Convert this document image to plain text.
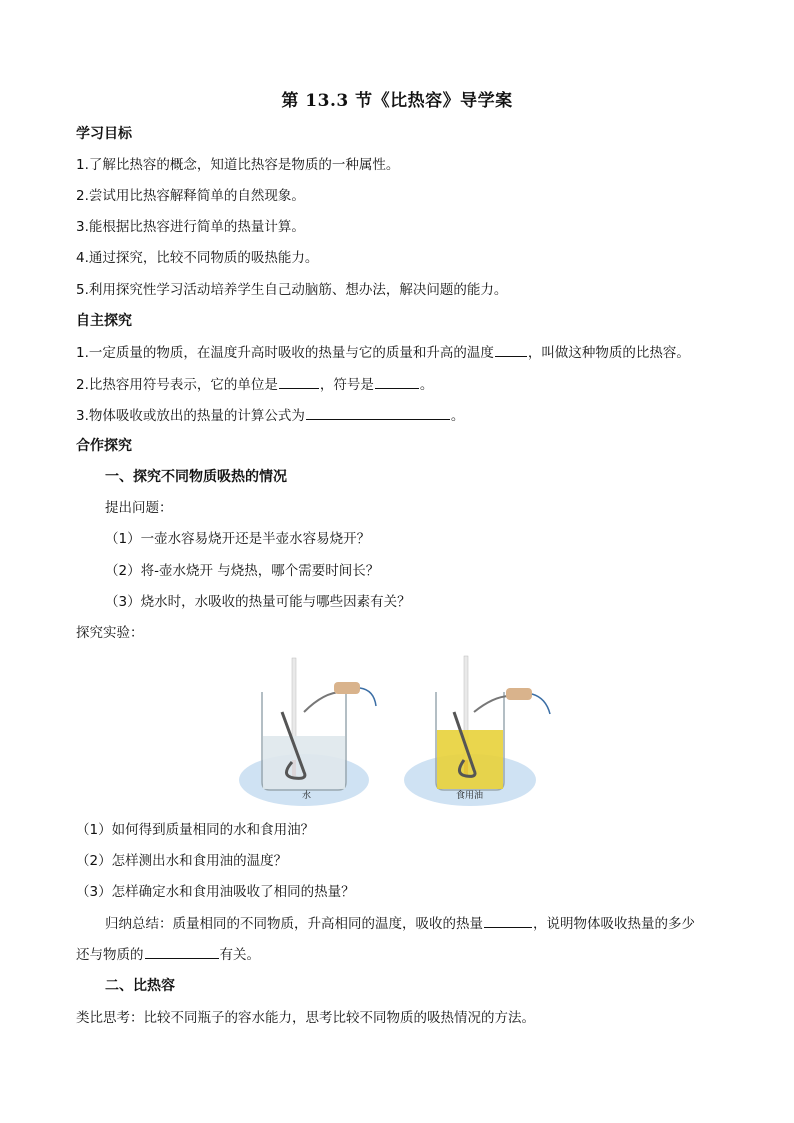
第 13.3 节《比热容》导学案
学习目标
1.了解比热容的概念，知道比热容是物质的一种属性。
2.尝试用比热容解释简单的自然现象。
3.能根据比热容进行简单的热量计算。
4.通过探究，比较不同物质的吸热能力。
5.利用探究性学习活动培养学生自己动脑筋、想办法，解决问题的能力。
自主探究
1.一定质量的物质，在温度升高时吸收的热量与它的质量和升高的温度	，叫做这种物质的比热容。
2.比热容用符号表示，它的单位是	，符号是	。
3.物体吸收或放出的热量的计算公式为	。
合作探究
一、探究不同物质吸热的情况
提出问题：
（1）一壶水容易烧开还是半壶水容易烧开？
（2）将-壶水烧开 与烧热，哪个需要时间长？
（3）烧水时，水吸收的热量可能与哪些因素有关？
探究实验：
水	食用油
（1）如何得到质量相同的水和食用油？
（2）怎样测出水和食用油的温度？
（3）怎样确定水和食用油吸收了相同的热量？
归纳总结：质量相同的不同物质，升高相同的温度，吸收的热量	，说明物体吸收热量的多少
还与物质的	有关。
二、比热容
类比思考：比较不同瓶子的容水能力，思考比较不同物质的吸热情况的方法。
